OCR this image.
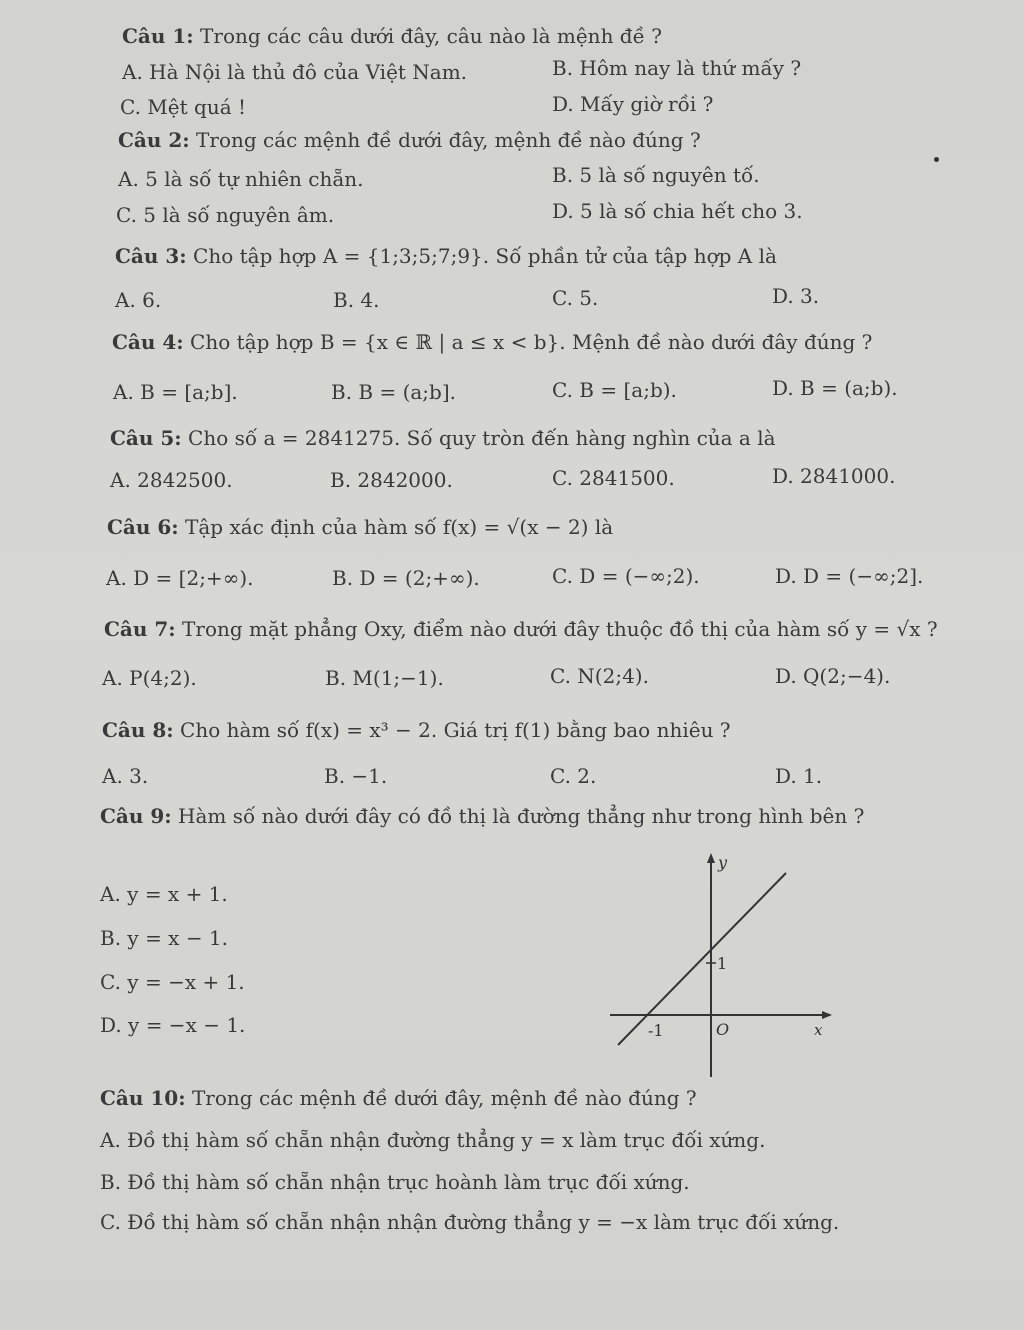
Câu 1: Trong các câu dưới đây, câu nào là mệnh đề ?
A. Hà Nội là thủ đô của Việt Nam.	B. Hôm nay là thứ mấy ?
C. Mệt quá !	D. Mấy giờ rồi ?
Câu 2: Trong các mệnh đề dưới đây, mệnh đề nào đúng ?
A. 5 là số tự nhiên chẵn.	B. 5 là số nguyên tố.
C. 5 là số nguyên âm.	D. 5 là số chia hết cho 3.
Câu 3: Cho tập hợp A = {1;3;5;7;9}. Số phần tử của tập hợp A là
A. 6.	B. 4.	C. 5.	D. 3.
Câu 4: Cho tập hợp B = {x ∈ ℝ | a ≤ x < b}. Mệnh đề nào dưới đây đúng ?
A. B = [a;b].	B. B = (a;b].	C. B = [a;b).	D. B = (a;b).
Câu 5: Cho số a = 2841275. Số quy tròn đến hàng nghìn của a là
A. 2842500.	B. 2842000.	C. 2841500.	D. 2841000.
Câu 6: Tập xác định của hàm số f(x) = √(x − 2) là
A. D = [2;+∞).	B. D = (2;+∞).	C. D = (−∞;2).	D. D = (−∞;2].
Câu 7: Trong mặt phẳng Oxy, điểm nào dưới đây thuộc đồ thị của hàm số y = √x ?
A. P(4;2).	B. M(1;−1).	C. N(2;4).	D. Q(2;−4).
Câu 8: Cho hàm số f(x) = x³ − 2. Giá trị f(1) bằng bao nhiêu ?
A. 3.	B. −1.	C. 2.	D. 1.
Câu 9: Hàm số nào dưới đây có đồ thị là đường thẳng như trong hình bên ?
A. y = x + 1.
B. y = x − 1.
C. y = −x + 1.
D. y = −x − 1.
y
x
O
-1
1
Câu 10: Trong các mệnh đề dưới đây, mệnh đề nào đúng ?
A. Đồ thị hàm số chẵn nhận đường thẳng y = x làm trục đối xứng.
B. Đồ thị hàm số chẵn nhận trục hoành làm trục đối xứng.
C. Đồ thị hàm số chẵn nhận nhận đường thẳng y = −x làm trục đối xứng.
